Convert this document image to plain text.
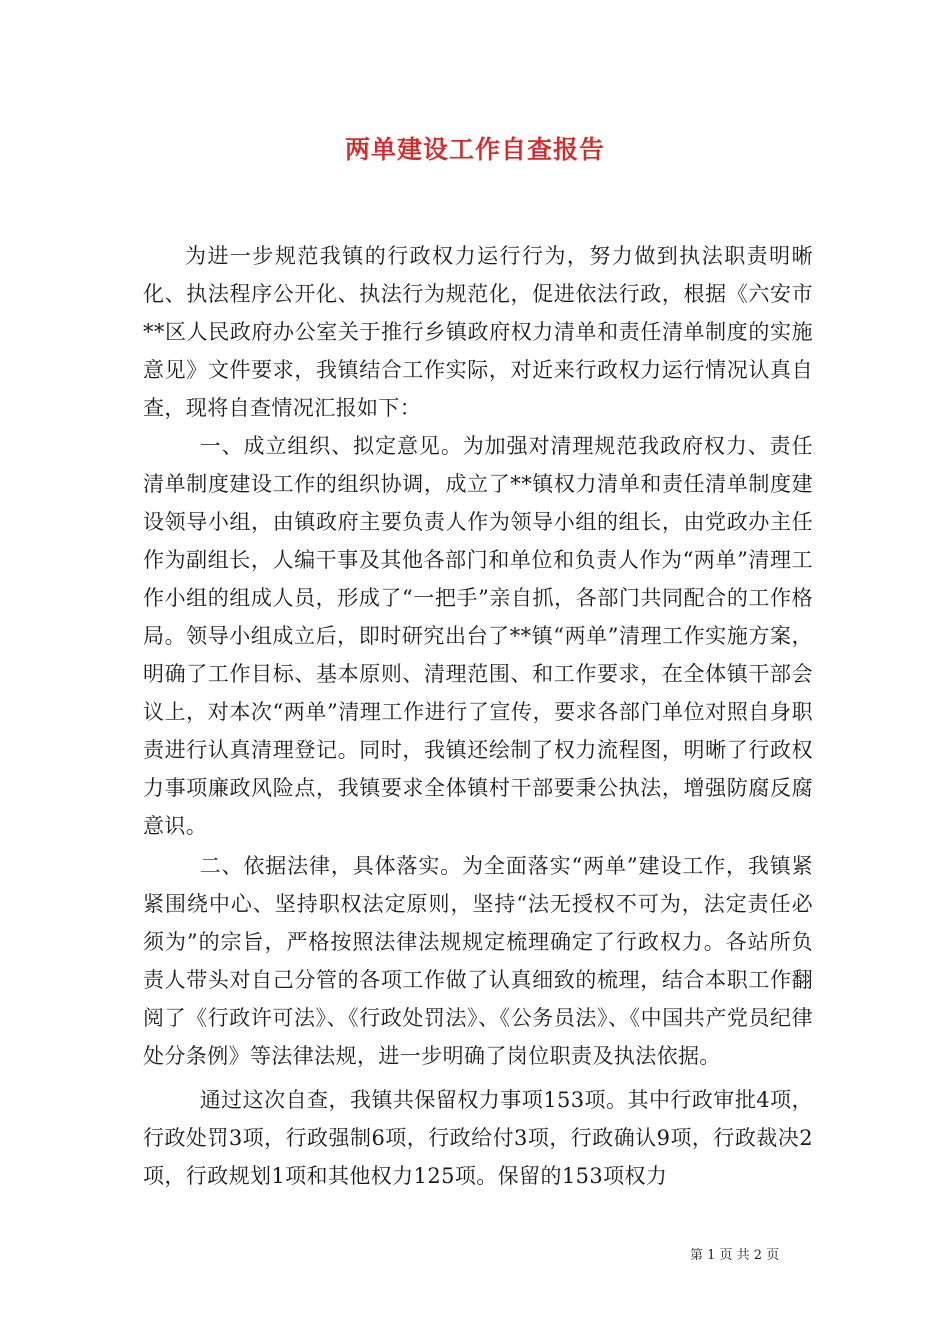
两单建设工作自查报告

为进一步规范我镇的行政权力运行行为，努力做到执法职责明晰化、执法程序公开化、执法行为规范化，促进依法行政，根据《六安市**区人民政府办公室关于推行乡镇政府权力清单和责任清单制度的实施意见》文件要求，我镇结合工作实际，对近来行政权力运行情况认真自查，现将自查情况汇报如下：

一、成立组织、拟定意见。为加强对清理规范我政府权力、责任清单制度建设工作的组织协调，成立了**镇权力清单和责任清单制度建设领导小组，由镇政府主要负责人作为领导小组的组长，由党政办主任作为副组长，人编干事及其他各部门和单位和负责人作为“两单”清理工作小组的组成人员，形成了“一把手”亲自抓，各部门共同配合的工作格局。领导小组成立后，即时研究出台了**镇“两单”清理工作实施方案，明确了工作目标、基本原则、清理范围、和工作要求，在全体镇干部会议上，对本次“两单”清理工作进行了宣传，要求各部门单位对照自身职责进行认真清理登记。同时，我镇还绘制了权力流程图，明晰了行政权力事项廉政风险点，我镇要求全体镇村干部要秉公执法，增强防腐反腐意识。

二、依据法律，具体落实。为全面落实“两单”建设工作，我镇紧紧围绕中心、坚持职权法定原则，坚持“法无授权不可为，法定责任必须为”的宗旨，严格按照法律法规规定梳理确定了行政权力。各站所负责人带头对自己分管的各项工作做了认真细致的梳理，结合本职工作翻阅了《行政许可法》、《行政处罚法》、《公务员法》、《中国共产党员纪律处分条例》等法律法规，进一步明确了岗位职责及执法依据。

通过这次自查，我镇共保留权力事项153项。其中行政审批4项，行政处罚3项，行政强制6项，行政给付3项，行政确认9项，行政裁决2项，行政规划1项和其他权力125项。保留的153项权力

第 1 页 共 2 页
